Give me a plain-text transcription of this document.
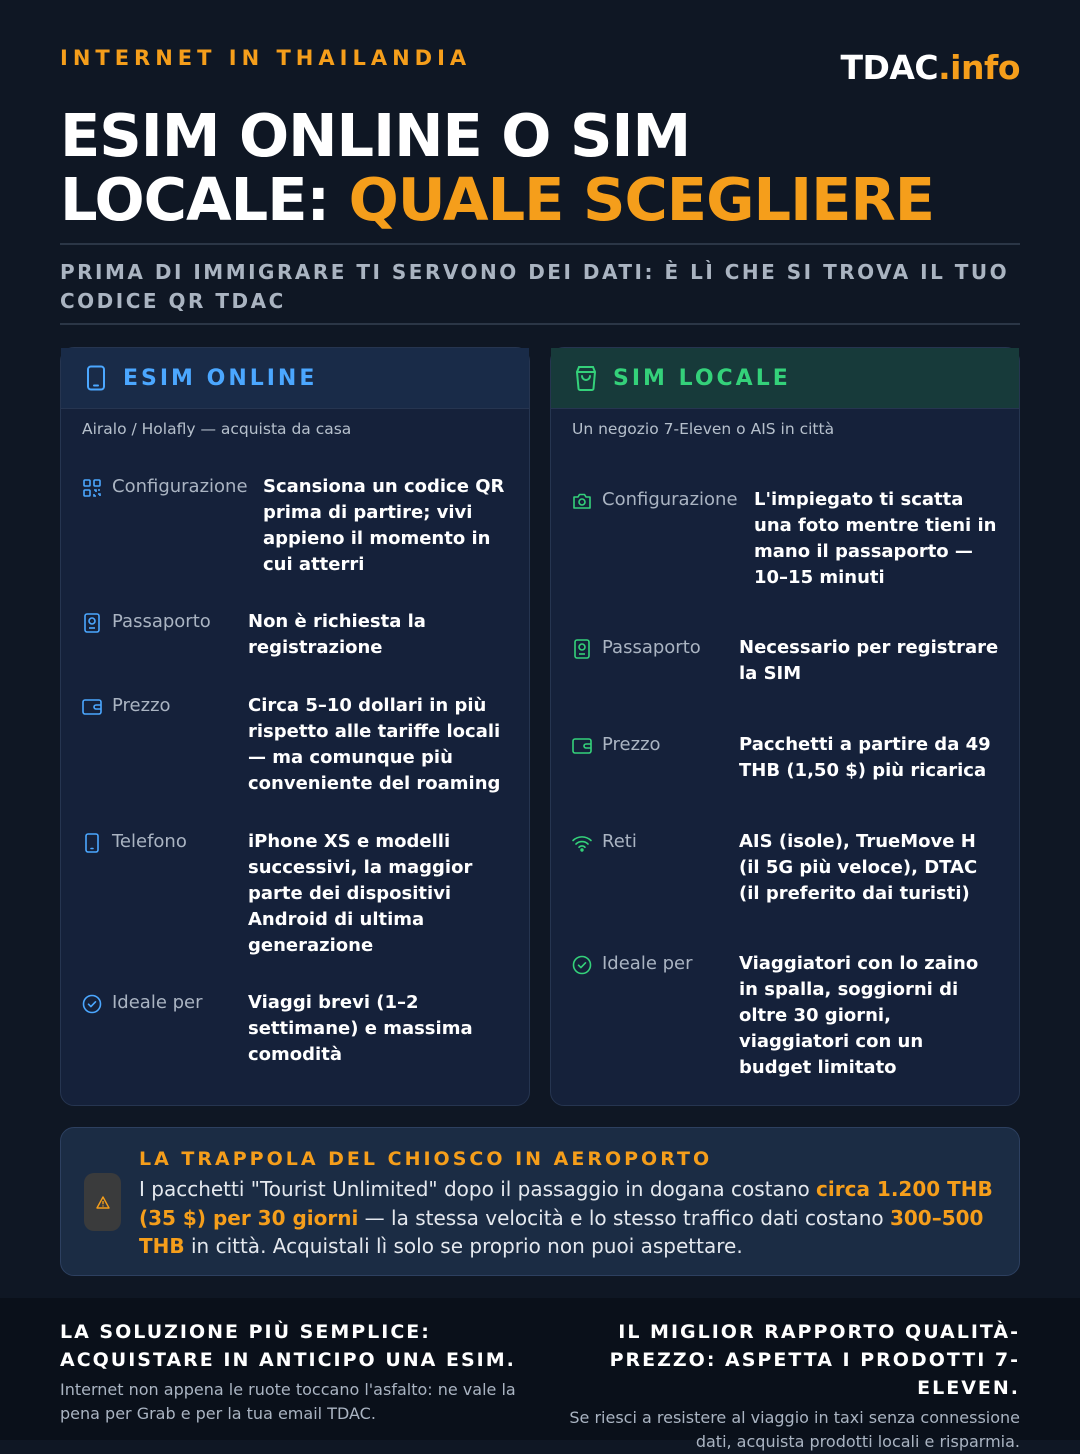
INTERNET IN THAILANDIA	TDAC.info
ESIM ONLINE O SIM
LOCALE: QUALE SCEGLIERE
PRIMA DI IMMIGRARE TI SERVONO DEI DATI: È LÌ CHE SI TROVA IL TUO CODICE QR TDAC
ESIM ONLINE
Airalo / Holafly — acquista da casa
Configurazione Scansiona un codice QR prima di partire; vivi appieno il momento in cui atterri
Passaporto Non è richiesta la registrazione
Prezzo	Circa 5–10 dollari in più rispetto alle tariffe locali — ma comunque più conveniente del roaming
Telefono	iPhone XS e modelli successivi, la maggior parte dei dispositivi Android di ultima generazione
Ideale per	Viaggi brevi (1–2 settimane) e massima comodità
SIM LOCALE
Un negozio 7-Eleven o AIS in città
Configurazione L'impiegato ti scatta una foto mentre tieni in mano il passaporto — 10–15 minuti
Passaporto Necessario per registrare la SIM
Prezzo	Pacchetti a partire da 49 THB (1,50 $) più ricarica
Reti	AIS (isole), TrueMove H (il 5G più veloce), DTAC (il preferito dai turisti)
Ideale per	Viaggiatori con lo zaino in spalla, soggiorni di oltre 30 giorni, viaggiatori con un budget limitato
LA TRAPPOLA DEL CHIOSCO IN AEROPORTO
I pacchetti "Tourist Unlimited" dopo il passaggio in dogana costano circa 1.200 THB (35 $) per 30 giorni — la stessa velocità e lo stesso traffico dati costano 300–500 THB in città. Acquistali lì solo se proprio non puoi aspettare.
LA SOLUZIONE PIÙ SEMPLICE: ACQUISTARE IN ANTICIPO UNA ESIM.
Internet non appena le ruote toccano l'asfalto: ne vale la pena per Grab e per la tua email TDAC.
IL MIGLIOR RAPPORTO QUALITÀ-PREZZO: ASPETTA I PRODOTTI 7-ELEVEN.
Se riesci a resistere al viaggio in taxi senza connessione dati, acquista prodotti locali e risparmia.
